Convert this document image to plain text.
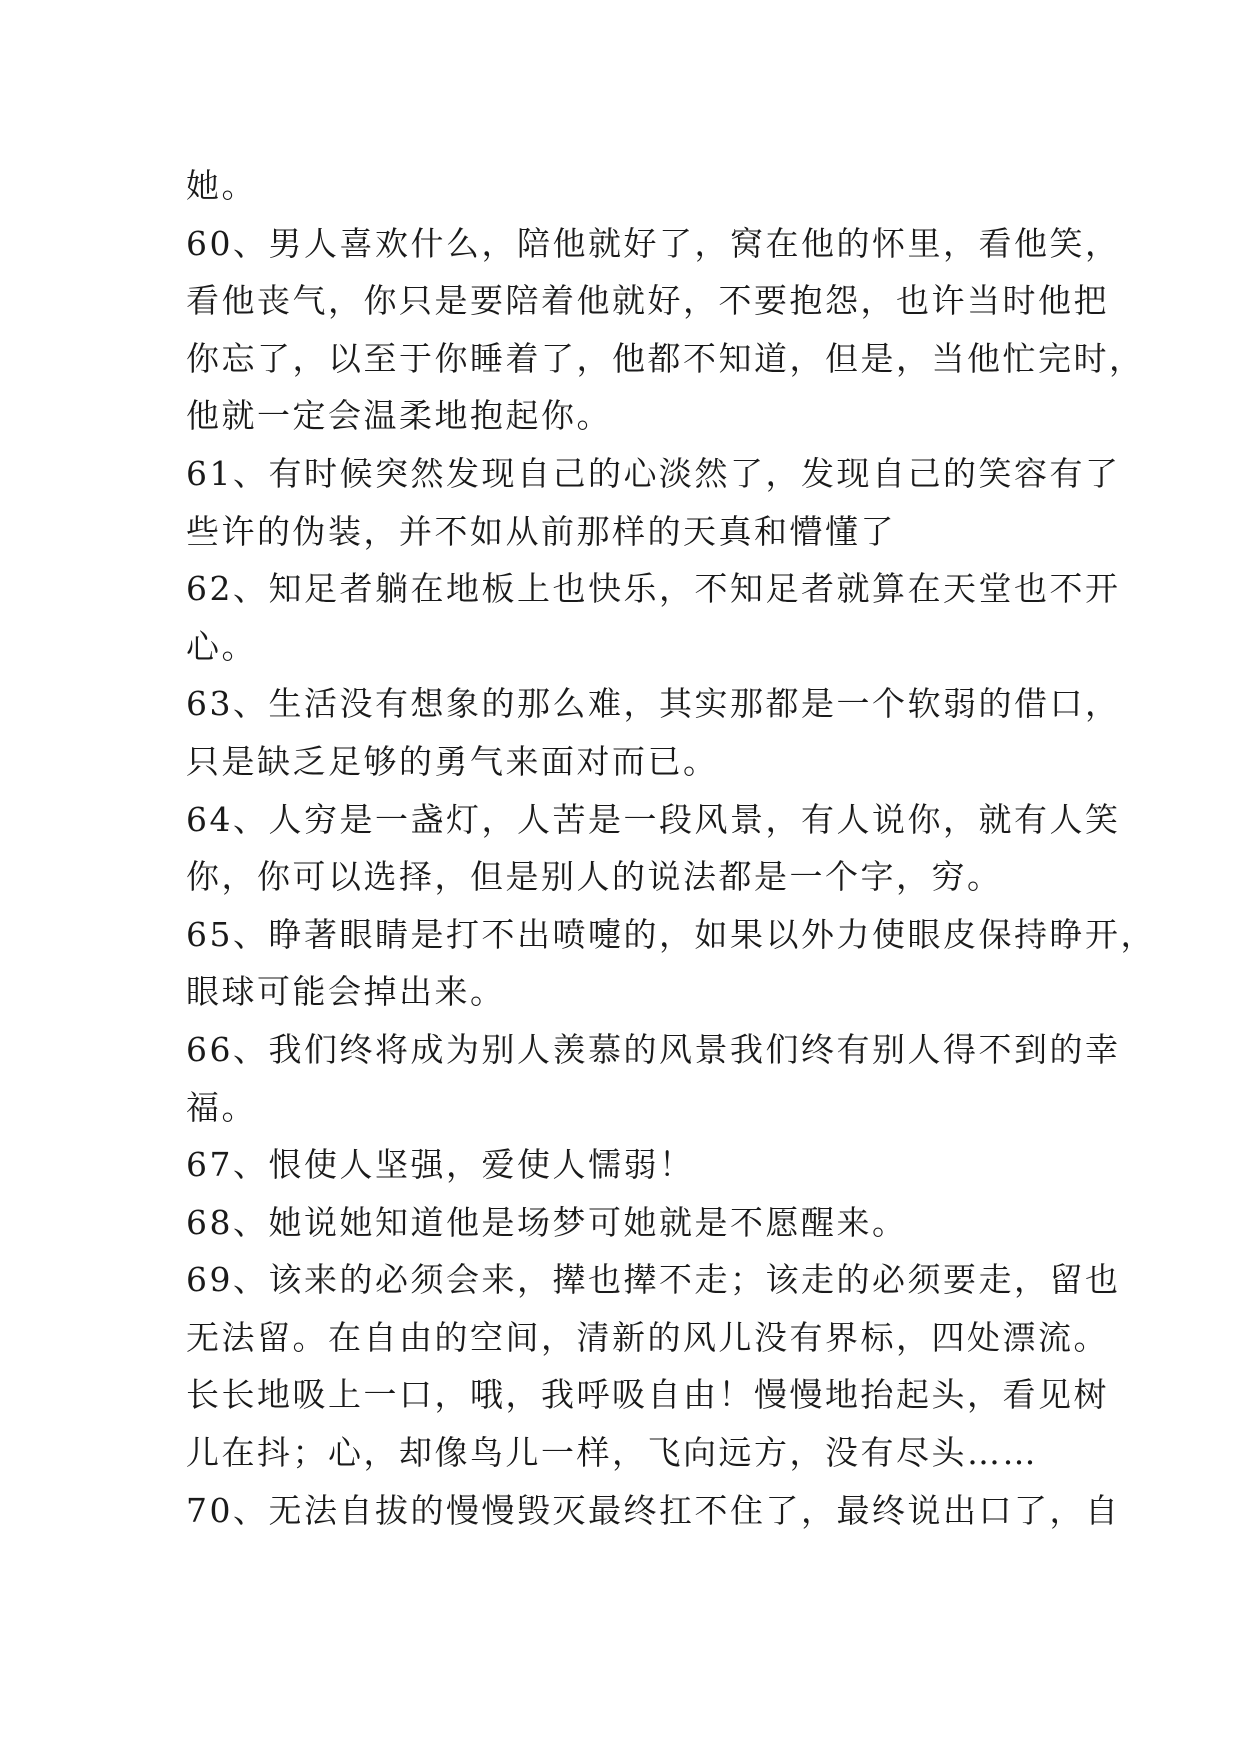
她。
60、男人喜欢什么，陪他就好了，窝在他的怀里，看他笑，
看他丧气，你只是要陪着他就好，不要抱怨，也许当时他把
你忘了，以至于你睡着了，他都不知道，但是，当他忙完时，
他就一定会温柔地抱起你。
61、有时候突然发现自己的心淡然了，发现自己的笑容有了
些许的伪装，并不如从前那样的天真和懵懂了
62、知足者躺在地板上也快乐，不知足者就算在天堂也不开
心。
63、生活没有想象的那么难，其实那都是一个软弱的借口，
只是缺乏足够的勇气来面对而已。
64、人穷是一盏灯，人苦是一段风景，有人说你，就有人笑
你，你可以选择，但是别人的说法都是一个字，穷。
65、睁著眼睛是打不出喷嚏的，如果以外力使眼皮保持睁开，
眼球可能会掉出来。
66、我们终将成为别人羡慕的风景我们终有别人得不到的幸
福。
67、恨使人坚强，爱使人懦弱！
68、她说她知道他是场梦可她就是不愿醒来。
69、该来的必须会来，撵也撵不走；该走的必须要走，留也
无法留。在自由的空间，清新的风儿没有界标，四处漂流。
长长地吸上一口，哦，我呼吸自由！慢慢地抬起头，看见树
儿在抖；心，却像鸟儿一样，飞向远方，没有尽头……
70、无法自拔的慢慢毁灭最终扛不住了，最终说出口了，自
